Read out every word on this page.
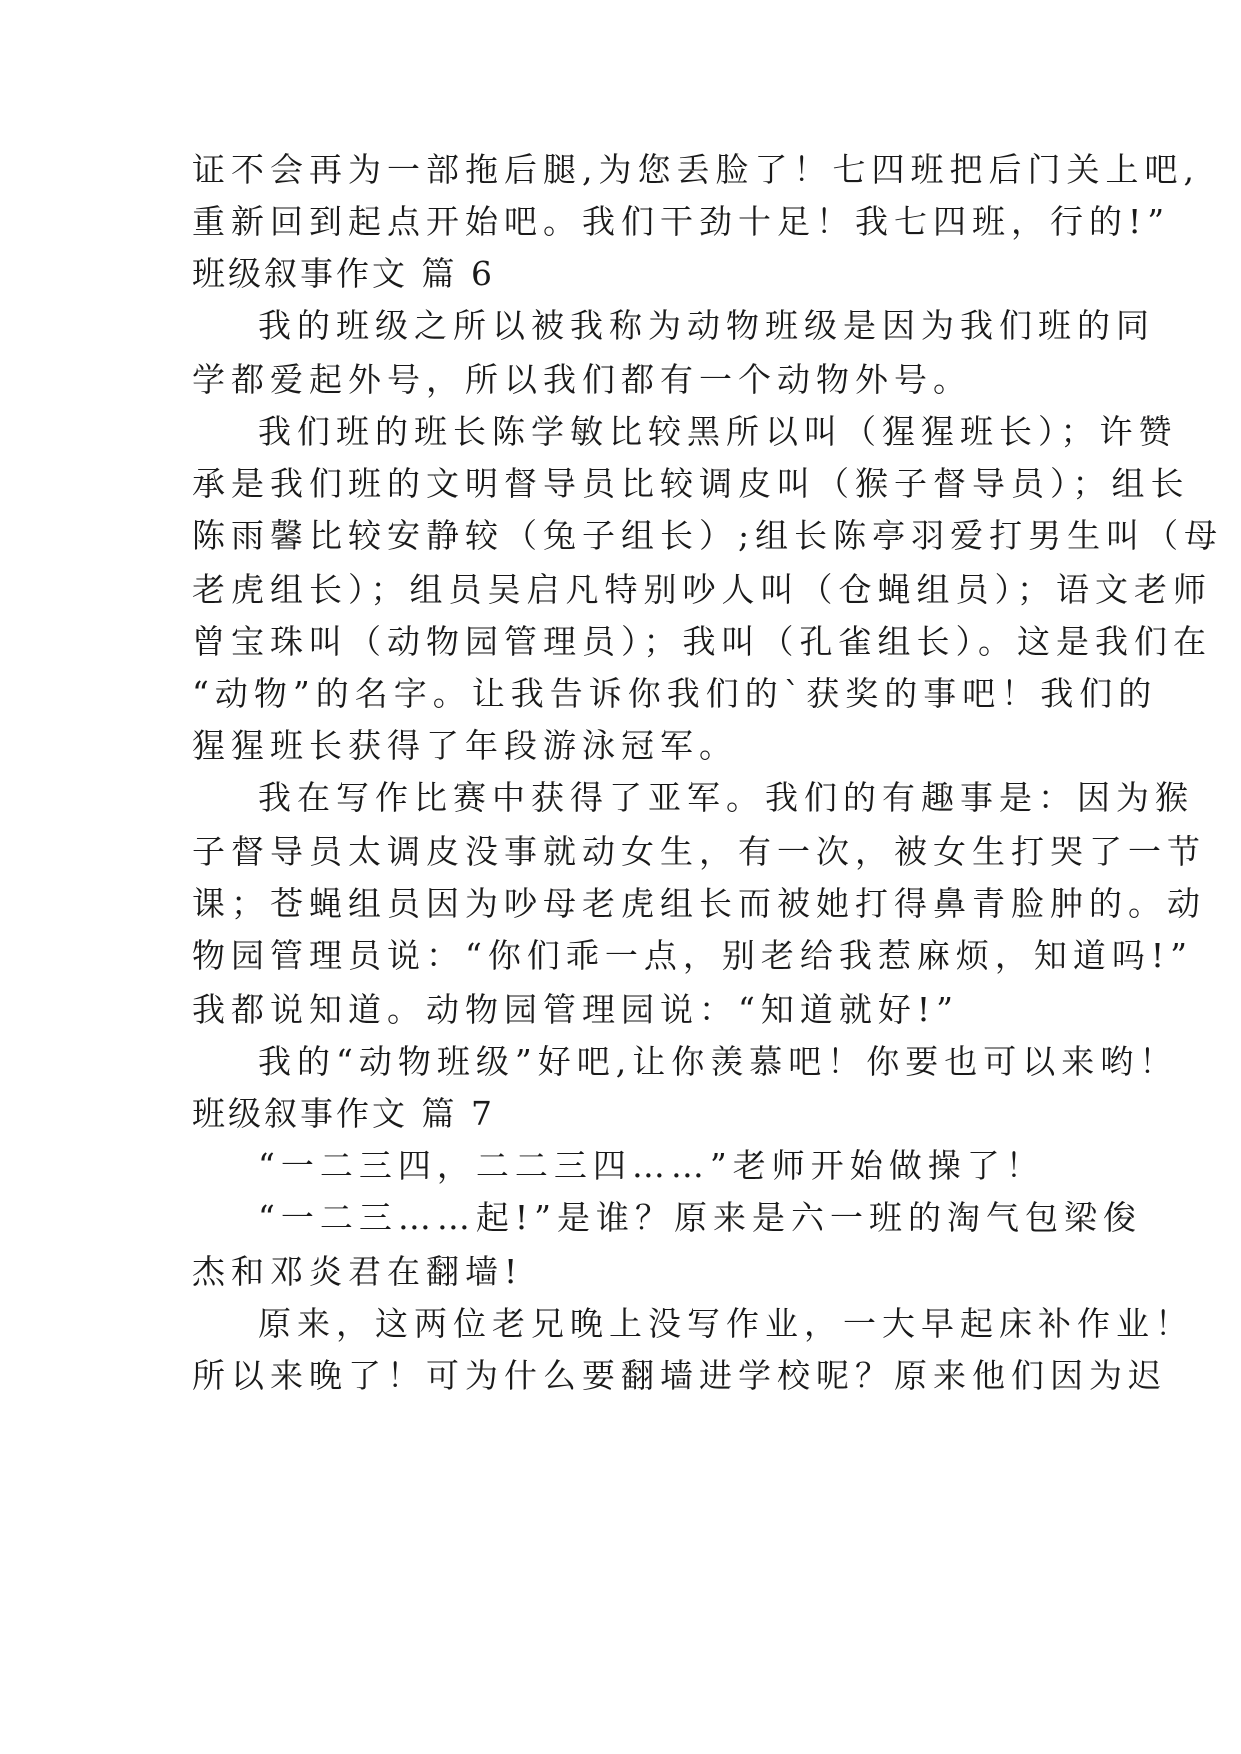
证不会再为一部拖后腿,为您丢脸了！七四班把后门关上吧,
重新回到起点开始吧。我们干劲十足！我七四班，行的!”
班级叙事作文 篇 6
我的班级之所以被我称为动物班级是因为我们班的同
学都爱起外号，所以我们都有一个动物外号。
我们班的班长陈学敏比较黑所以叫（猩猩班长）；许赞
承是我们班的文明督导员比较调皮叫（猴子督导员）；组长
陈雨馨比较安静较（兔子组长）;组长陈亭羽爱打男生叫（母
老虎组长）；组员吴启凡特别吵人叫（仓蝇组员）；语文老师
曾宝珠叫（动物园管理员）；我叫（孔雀组长）。这是我们在
“动物”的名字。让我告诉你我们的`获奖的事吧！我们的
猩猩班长获得了年段游泳冠军。
我在写作比赛中获得了亚军。我们的有趣事是：因为猴
子督导员太调皮没事就动女生，有一次，被女生打哭了一节
课；苍蝇组员因为吵母老虎组长而被她打得鼻青脸肿的。动
物园管理员说：“你们乖一点，别老给我惹麻烦，知道吗!”
我都说知道。动物园管理园说：“知道就好!”
我的“动物班级”好吧,让你羡慕吧！你要也可以来哟！
班级叙事作文 篇 7
“一二三四，二二三四……”老师开始做操了！
“一二三……起!”是谁？原来是六一班的淘气包梁俊
杰和邓炎君在翻墙!
原来，这两位老兄晚上没写作业，一大早起床补作业！
所以来晚了！可为什么要翻墙进学校呢？原来他们因为迟
